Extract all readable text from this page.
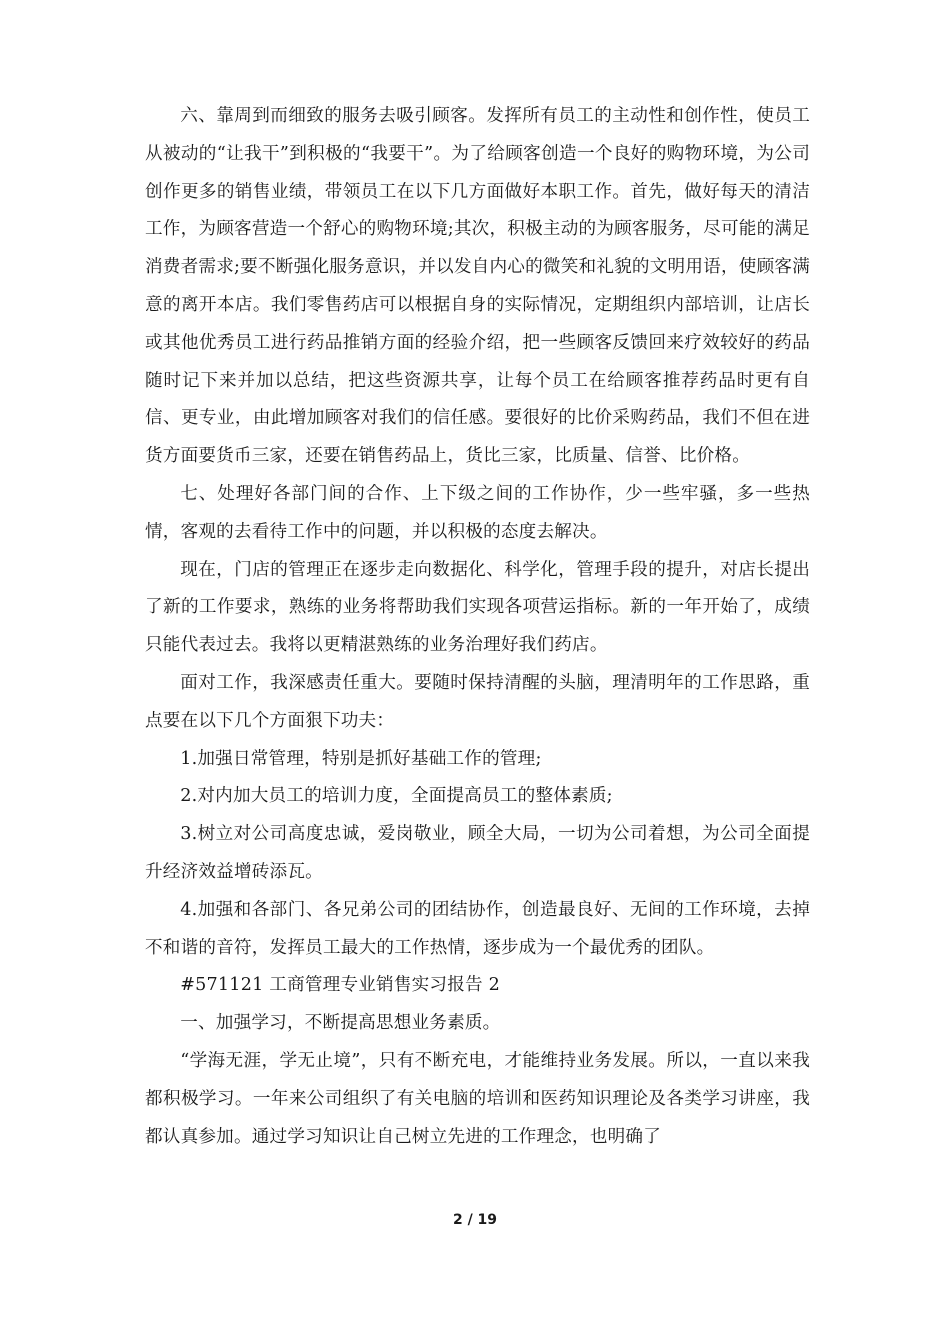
六、靠周到而细致的服务去吸引顾客。发挥所有员工的主动性和创作性，使员工从被动的“让我干”到积极的“我要干”。为了给顾客创造一个良好的购物环境，为公司创作更多的销售业绩，带领员工在以下几方面做好本职工作。首先，做好每天的清洁工作，为顾客营造一个舒心的购物环境;其次，积极主动的为顾客服务，尽可能的满足消费者需求;要不断强化服务意识，并以发自内心的微笑和礼貌的文明用语，使顾客满意的离开本店。我们零售药店可以根据自身的实际情况，定期组织内部培训，让店长或其他优秀员工进行药品推销方面的经验介绍，把一些顾客反馈回来疗效较好的药品随时记下来并加以总结，把这些资源共享，让每个员工在给顾客推荐药品时更有自信、更专业，由此增加顾客对我们的信任感。要很好的比价采购药品，我们不但在进货方面要货币三家，还要在销售药品上，货比三家，比质量、信誉、比价格。

七、处理好各部门间的合作、上下级之间的工作协作，少一些牢骚，多一些热情，客观的去看待工作中的问题，并以积极的态度去解决。

现在，门店的管理正在逐步走向数据化、科学化，管理手段的提升，对店长提出了新的工作要求，熟练的业务将帮助我们实现各项营运指标。新的一年开始了，成绩只能代表过去。我将以更精湛熟练的业务治理好我们药店。

面对工作，我深感责任重大。要随时保持清醒的头脑，理清明年的工作思路，重点要在以下几个方面狠下功夫：

1.加强日常管理，特别是抓好基础工作的管理;

2.对内加大员工的培训力度，全面提高员工的整体素质;

3.树立对公司高度忠诚，爱岗敬业，顾全大局，一切为公司着想，为公司全面提升经济效益增砖添瓦。

4.加强和各部门、各兄弟公司的团结协作，创造最良好、无间的工作环境，去掉不和谐的音符，发挥员工最大的工作热情，逐步成为一个最优秀的团队。

#571121 工商管理专业销售实习报告 2

一、加强学习，不断提高思想业务素质。

“学海无涯，学无止境”，只有不断充电，才能维持业务发展。所以，一直以来我都积极学习。一年来公司组织了有关电脑的培训和医药知识理论及各类学习讲座，我都认真参加。通过学习知识让自己树立先进的工作理念，也明确了

2 / 19
